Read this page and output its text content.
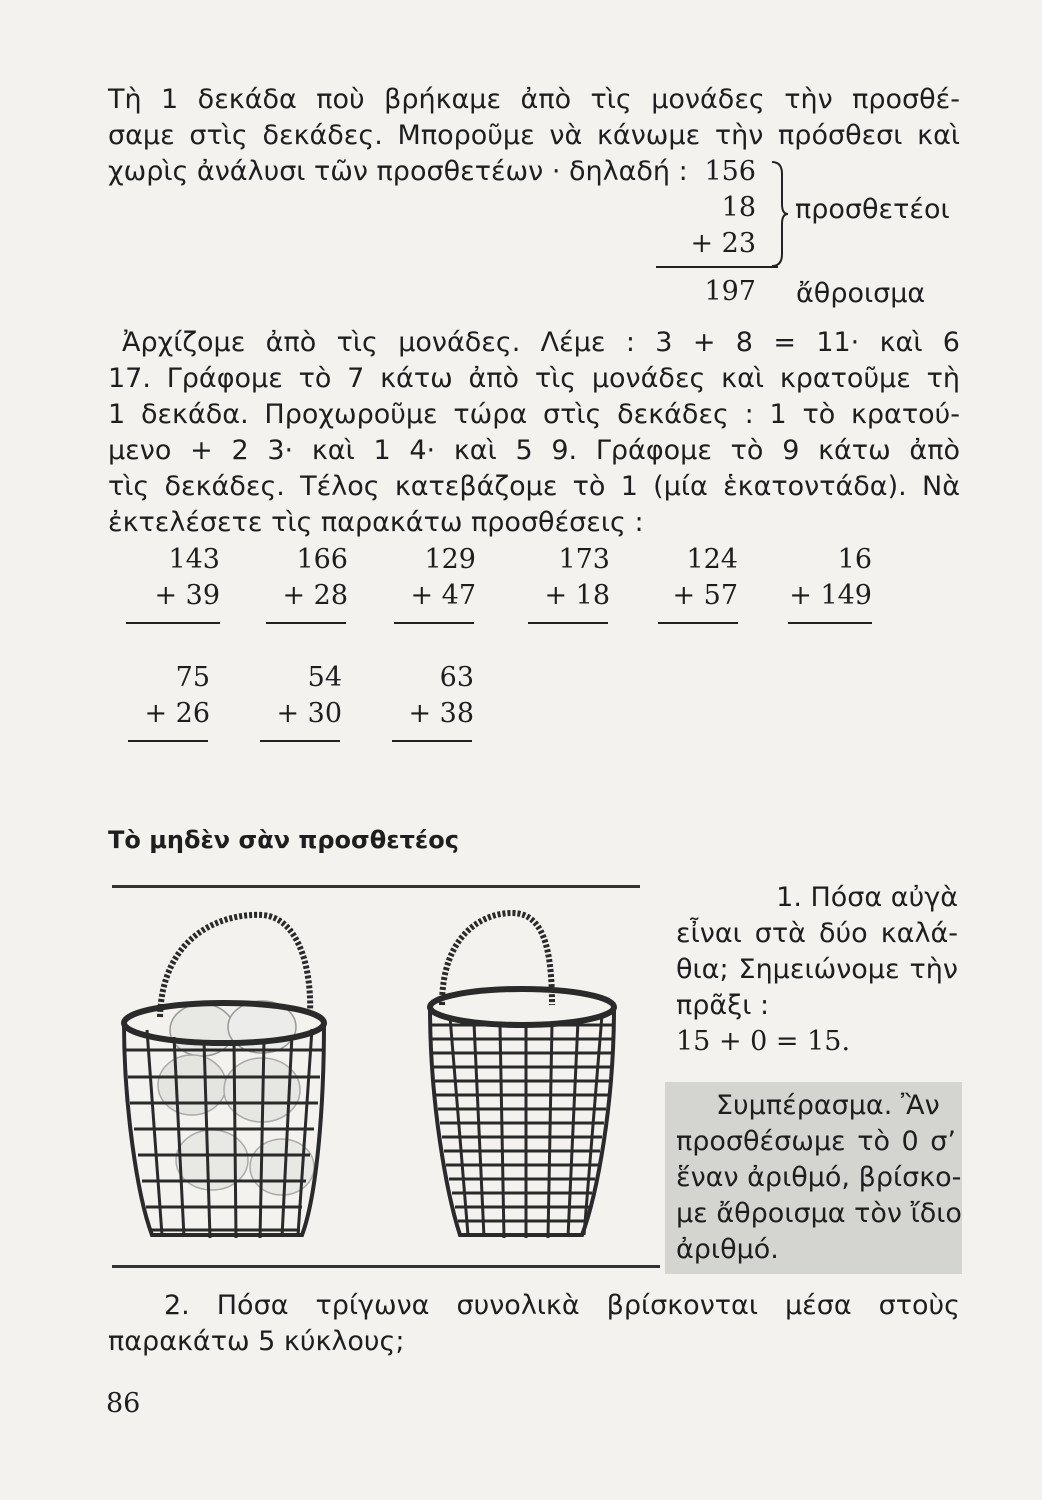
Τὴ 1 δεκάδα ποὺ βρήκαμε ἀπὸ τὶς μονάδες τὴν προσθέ-
σαμε στὶς δεκάδες. Μποροῦμε νὰ κάνωμε τὴν πρόσθεσι καὶ
χωρὶς ἀνάλυσι τῶν προσθετέων · δηλαδή : 156
18
+ 23
197
προσθετέοι
ἄθροισμα
Ἀρχίζομε ἀπὸ τὶς μονάδες. Λέμε : 3 + 8 = 11· καὶ 6
17. Γράφομε τὸ 7 κάτω ἀπὸ τὶς μονάδες καὶ κρατοῦμε τὴ
1 δεκάδα. Προχωροῦμε τώρα στὶς δεκάδες : 1 τὸ κρατού-
μενο + 2 3· καὶ 1 4· καὶ 5 9. Γράφομε τὸ 9 κάτω ἀπὸ
τὶς δεκάδες. Τέλος κατεβάζομε τὸ 1 (μία ἑκατοντάδα). Νὰ
ἐκτελέσετε τὶς παρακάτω προσθέσεις :
143
+ 39
166
+ 28
129
+ 47
173
+ 18
124
+ 57
16
+ 149
75
+ 26
54
+ 30
63
+ 38
Τὸ μηδὲν σὰν προσθετέος
1. Πόσα αὐγὰ
εἶναι στὰ δύο καλά-
θια; Σημειώνομε τὴν
πρᾶξι :
15 + 0 = 15.
Συμπέρασμα. Ἂν
προσθέσωμε τὸ 0 σ’
ἕναν ἀριθμό, βρίσκο-
με ἄθροισμα τὸν ἴδιο
ἀριθμό.
2. Πόσα τρίγωνα συνολικὰ βρίσκονται μέσα στοὺς
παρακάτω 5 κύκλους;
86
